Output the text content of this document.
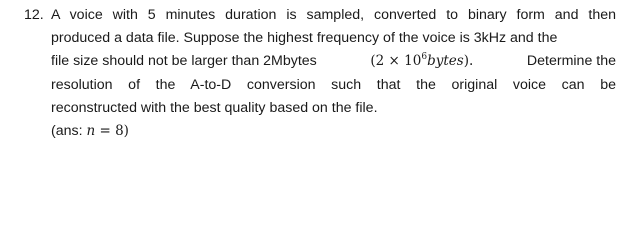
12. A voice with 5 minutes duration is sampled, converted to binary form and then
produced a data file. Suppose the highest frequency of the voice is 3kHz and the
file size should not be larger than 2Mbytes	$(2 \times 10^6bytes)$.	Determine the
resolution of the A-to-D conversion such that the original voice can be
reconstructed with the best quality based on the file.
(ans: n = 8)
